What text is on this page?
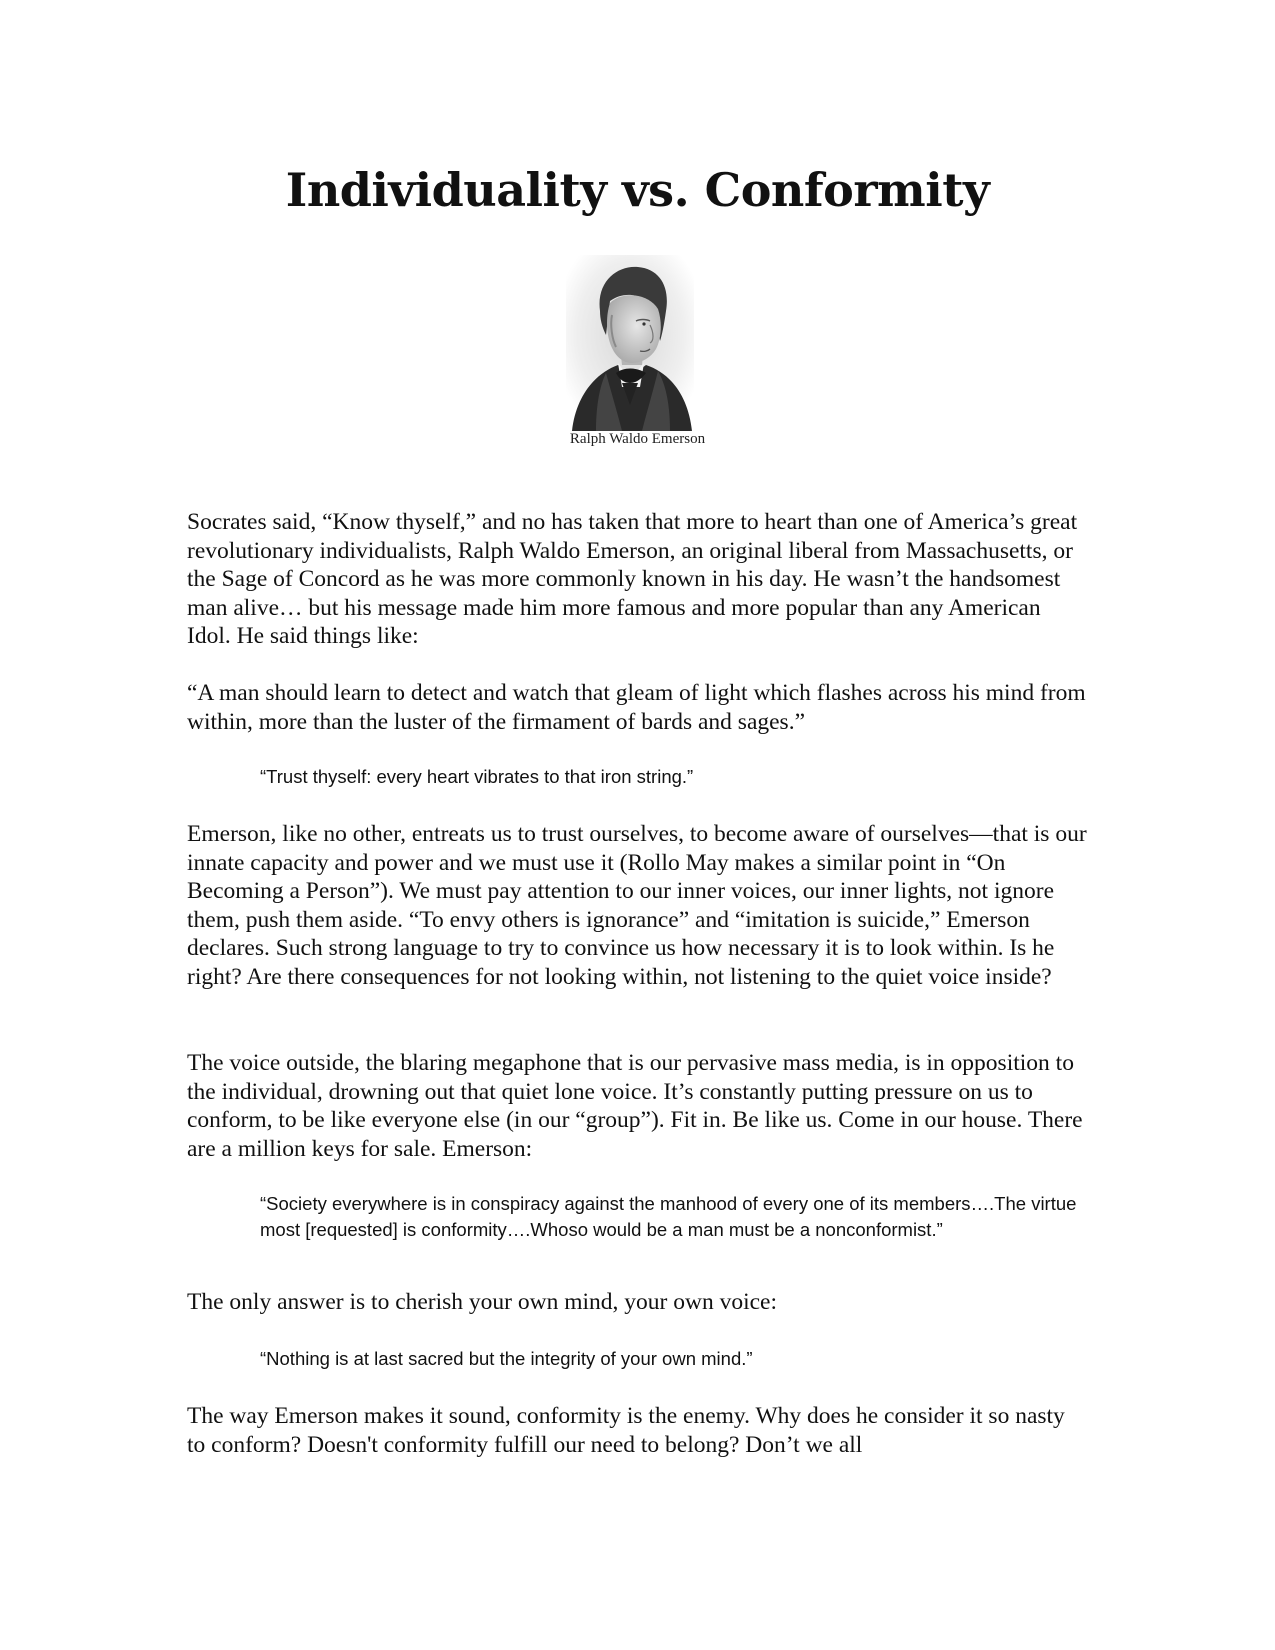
Individuality vs. Conformity
Ralph Waldo Emerson

Socrates said, “Know thyself,” and no has taken that more to heart than one of America’s great revolutionary individualists, Ralph Waldo Emerson, an original liberal from Massachusetts, or the Sage of Concord as he was more commonly known in his day. He wasn’t the handsomest man alive… but his message made him more famous and more popular than any American Idol. He said things like:

“A man should learn to detect and watch that gleam of light which flashes across his mind from within, more than the luster of the firmament of bards and sages.”

“Trust thyself: every heart vibrates to that iron string.”

Emerson, like no other, entreats us to trust ourselves, to become aware of ourselves—that is our innate capacity and power and we must use it (Rollo May makes a similar point in “On Becoming a Person”). We must pay attention to our inner voices, our inner lights, not ignore them, push them aside. “To envy others is ignorance” and “imitation is suicide,” Emerson declares. Such strong language to try to convince us how necessary it is to look within. Is he right? Are there consequences for not looking within, not listening to the quiet voice inside?

The voice outside, the blaring megaphone that is our pervasive mass media, is in opposition to the individual, drowning out that quiet lone voice. It’s constantly putting pressure on us to conform, to be like everyone else (in our “group”). Fit in. Be like us. Come in our house. There are a million keys for sale. Emerson:

“Society everywhere is in conspiracy against the manhood of every one of its members….The virtue most [requested] is conformity….Whoso would be a man must be a nonconformist.”

The only answer is to cherish your own mind, your own voice:

“Nothing is at last sacred but the integrity of your own mind.”

The way Emerson makes it sound, conformity is the enemy. Why does he consider it so nasty to conform? Doesn't conformity fulfill our need to belong? Don’t we all
